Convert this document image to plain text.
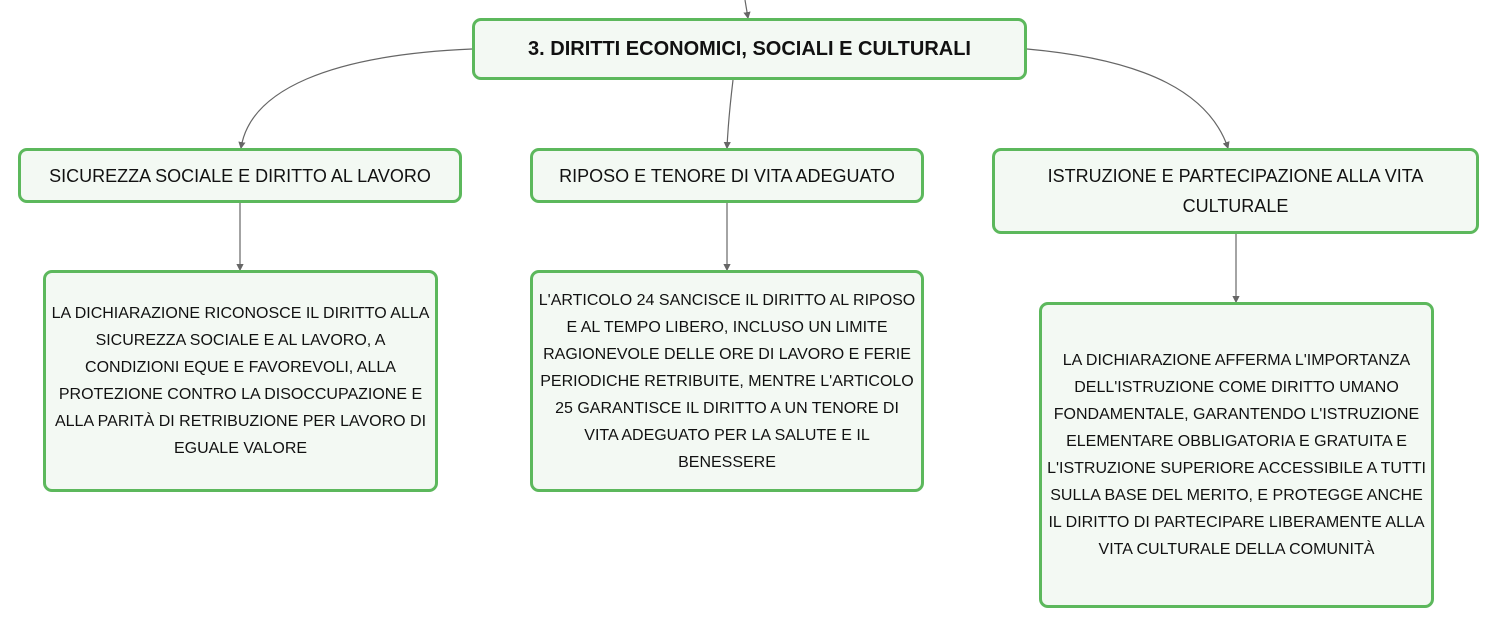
3. DIRITTI ECONOMICI, SOCIALI E CULTURALI
SICUREZZA SOCIALE E DIRITTO AL LAVORO	RIPOSO E TENORE DI VITA ADEGUATO	ISTRUZIONE E PARTECIPAZIONE ALLA VITA CULTURALE
LA DICHIARAZIONE RICONOSCE IL DIRITTO ALLA SICUREZZA SOCIALE E AL LAVORO, A CONDIZIONI EQUE E FAVOREVOLI, ALLA PROTEZIONE CONTRO LA DISOCCUPAZIONE E ALLA PARITÀ DI RETRIBUZIONE PER LAVORO DI EGUALE VALORE
L'ARTICOLO 24 SANCISCE IL DIRITTO AL RIPOSO E AL TEMPO LIBERO, INCLUSO UN LIMITE RAGIONEVOLE DELLE ORE DI LAVORO E FERIE PERIODICHE RETRIBUITE, MENTRE L'ARTICOLO 25 GARANTISCE IL DIRITTO A UN TENORE DI VITA ADEGUATO PER LA SALUTE E IL BENESSERE
LA DICHIARAZIONE AFFERMA L'IMPORTANZA DELL'ISTRUZIONE COME DIRITTO UMANO FONDAMENTALE, GARANTENDO L'ISTRUZIONE ELEMENTARE OBBLIGATORIA E GRATUITA E L'ISTRUZIONE SUPERIORE ACCESSIBILE A TUTTI SULLA BASE DEL MERITO, E PROTEGGE ANCHE IL DIRITTO DI PARTECIPARE LIBERAMENTE ALLA VITA CULTURALE DELLA COMUNITÀ
